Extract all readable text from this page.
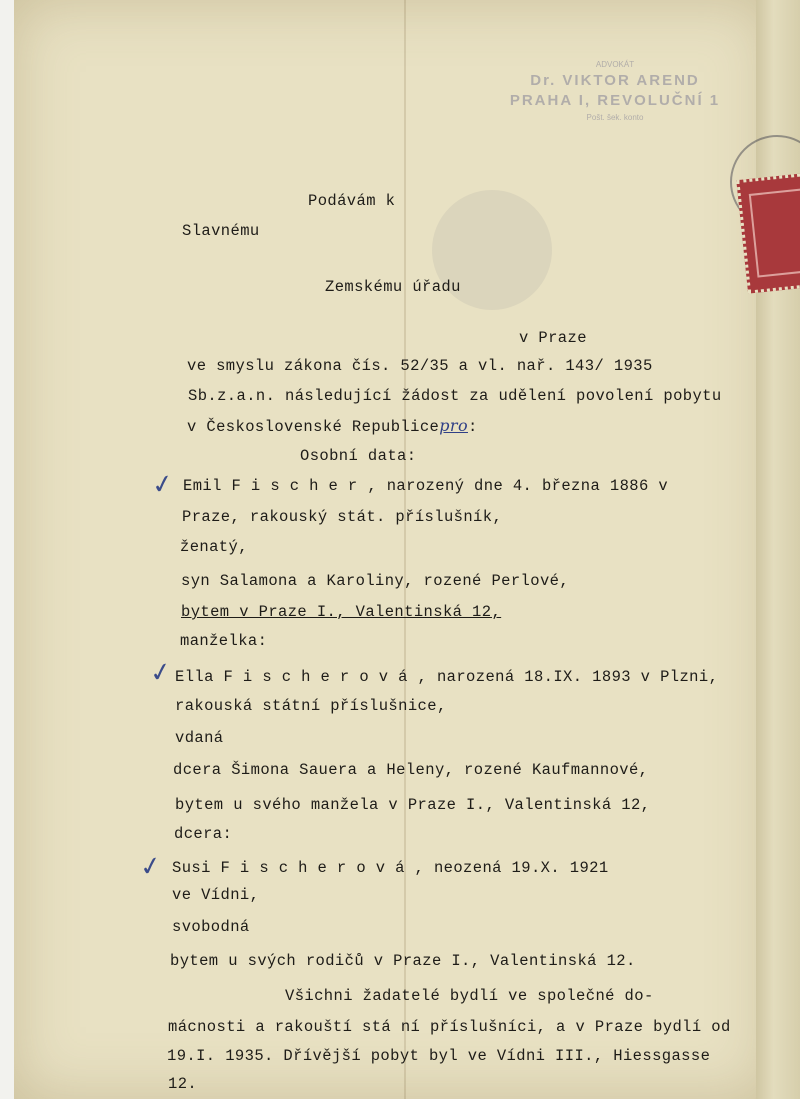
ADVOKÁT
Dr. VIKTOR AREND
PRAHA I, REVOLUČNÍ 1
Pošt. šek. konto
Podávám k
Slavnému
Zemskému úřadu
v Praze
ve smyslu zákona čís. 52/35 a vl. nař. 143/ 1935
Sb.z.a.n. následující žádost za udělení povolení pobytu
v Československé Republicepro:
Osobní data:
✓ Emil F i s c h e r , narozený dne 4. března 1886 v
Praze, rakouský stát. příslušník,
ženatý,
syn Salamona a Karoliny, rozené Perlové,
bytem v Praze I., Valentinská 12,
manželka:
✓ Ella F i s c h e r o v á , narozená 18.IX. 1893 v Plzni,
rakouská státní příslušnice,
vdaná
dcera Šimona Sauera a Heleny, rozené Kaufmannové,
bytem u svého manžela v Praze I., Valentinská 12,
dcera:
✓ Susi F i s c h e r o v á , neozená 19.X. 1921
ve Vídni,
svobodná
bytem u svých rodičů v Praze I., Valentinská 12.
Všichni žadatelé bydlí ve společné do-
mácnosti a rakouští stá ní příslušníci, a v Praze bydlí od
19.I. 1935. Dřívější pobyt byl ve Vídni III., Hiessgasse
12.
